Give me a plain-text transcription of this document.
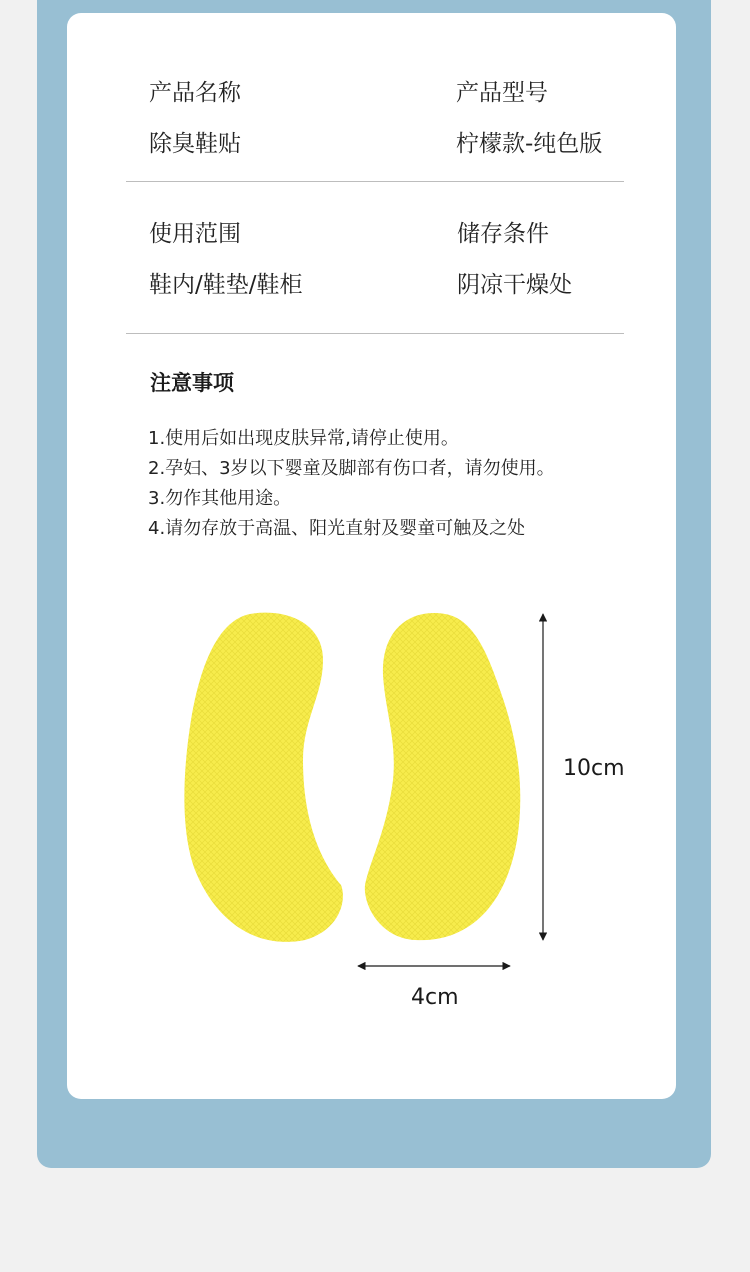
产品名称
除臭鞋贴
产品型号
柠檬款-纯色版
使用范围
鞋内/鞋垫/鞋柜
储存条件
阴凉干燥处
注意事项
1.使用后如出现皮肤异常,请停止使用。
2.孕妇、3岁以下婴童及脚部有伤口者，请勿使用。
3.勿作其他用途。
4.请勿存放于高温、阳光直射及婴童可触及之处
10cm
4cm
